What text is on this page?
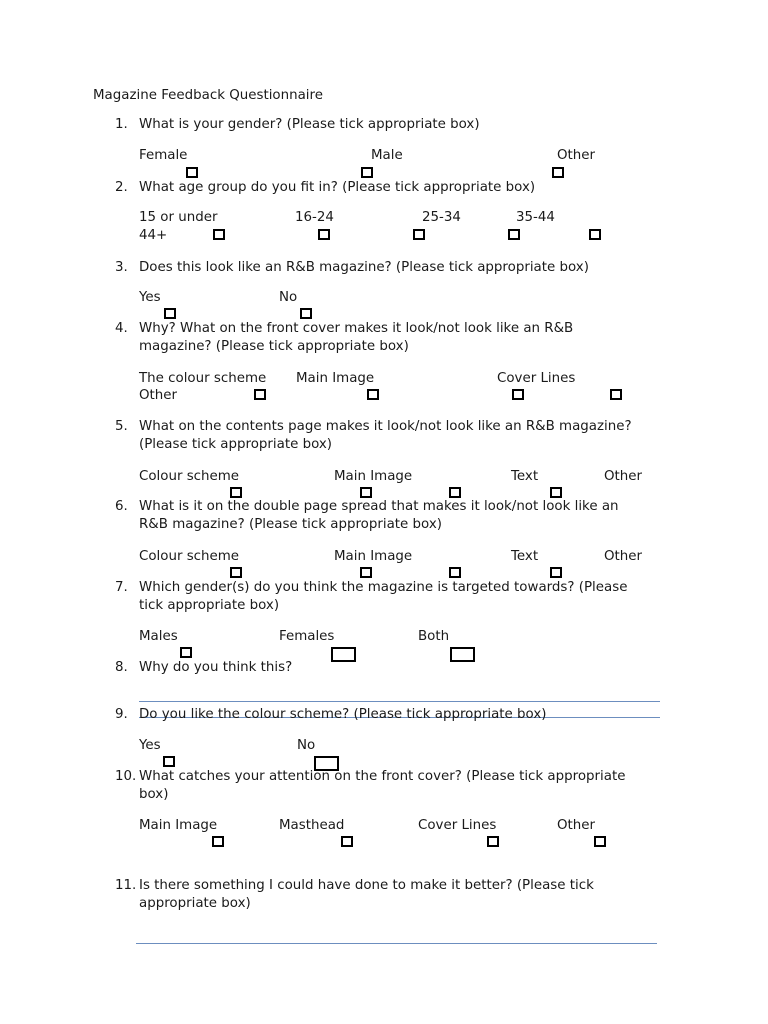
Magazine Feedback Questionnaire
1. What is your gender? (Please tick appropriate box)
Female	Male	Other
2. What age group do you fit in? (Please tick appropriate box)
15 or under	16-24	25-34	35-44
44+
3. Does this look like an R&B magazine? (Please tick appropriate box)
Yes	No
4. Why? What on the front cover makes it look/not look like an R&B
magazine? (Please tick appropriate box)
The colour scheme Main Image	Cover Lines
Other
5. What on the contents page makes it look/not look like an R&B magazine?
(Please tick appropriate box)
Colour scheme	Main Image	Text	Other
6. What is it on the double page spread that makes it look/not look like an
R&B magazine? (Please tick appropriate box)
Colour scheme	Main Image	Text	Other
7. Which gender(s) do you think the magazine is targeted towards? (Please
tick appropriate box)
Males	Females	Both
8. Why do you think this?
9. Do you like the colour scheme? (Please tick appropriate box)
Yes	No
10. What catches your attention on the front cover? (Please tick appropriate
box)
Main Image	Masthead	Cover Lines	Other
11. Is there something I could have done to make it better? (Please tick
appropriate box)
